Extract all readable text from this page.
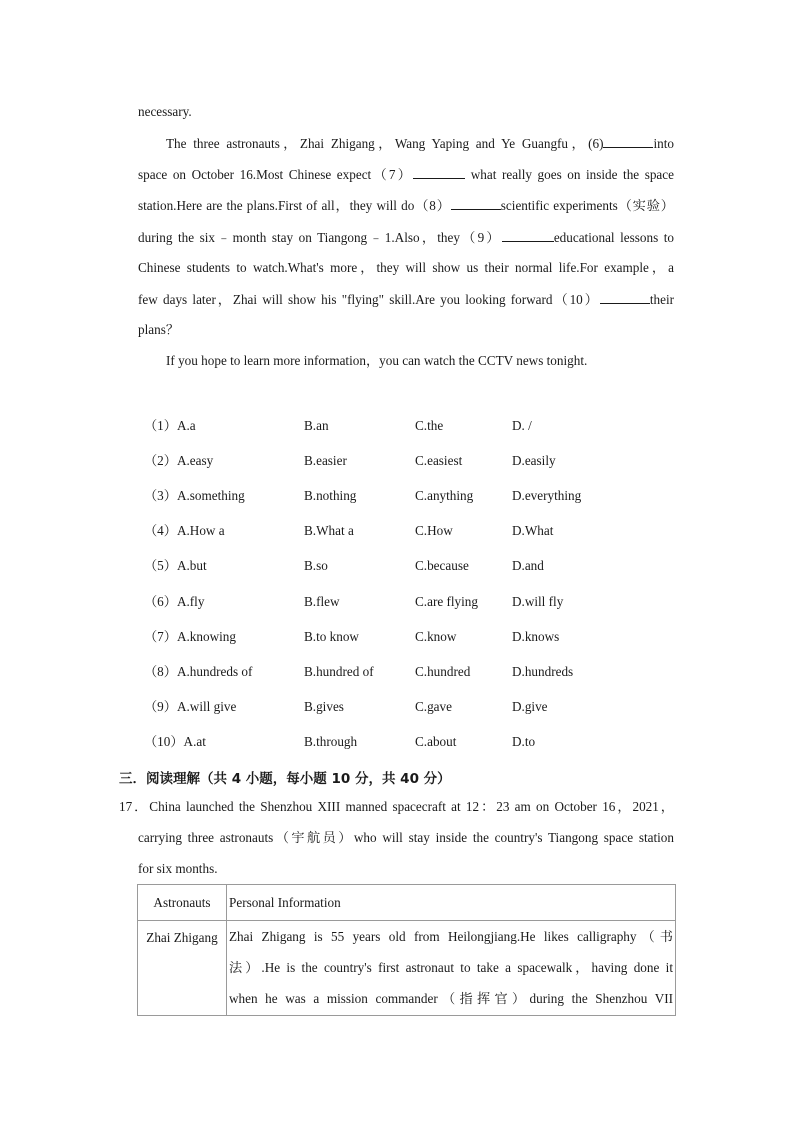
necessary.
The three astronauts，Zhai Zhigang，Wang Yaping and Ye Guangfu，(6)	into
space on October 16.Most Chinese expect（7）	what really goes on inside the space
station.Here are the plans.First of all，they will do（8）	scientific experiments（实验）
during the six﹣month stay on Tiangong﹣1.Also，they（9）	educational lessons to
Chinese students to watch.What's more，they will show us their normal life.For example，a
few days later，Zhai will show his "flying" skill.Are you looking forward（10）	their
plans？
If you hope to learn more information，you can watch the CCTV news tonight.
（1）A.a	B.an	C.the	D. /
（2）A.easy	B.easier	C.easiest	D.easily
（3）A.something	B.nothing	C.anything	D.everything
（4）A.How a	B.What a	C.How	D.What
（5）A.but	B.so	C.because	D.and
（6）A.fly	B.flew	C.are flying	D.will fly
（7）A.knowing	B.to know	C.know	D.knows
（8）A.hundreds of	B.hundred of	C.hundred	D.hundreds
（9）A.will give	B.gives	C.gave	D.give
（10）A.at	B.through	C.about	D.to
三．阅读理解（共 4 小题，每小题 10 分，共 40 分）
17．China launched the Shenzhou XIII manned spacecraft at 12：23 am on October 16，2021，
carrying three astronauts（宇航员）who will stay inside the country's Tiangong space station
for six months.
Astronauts	Personal Information
Zhai Zhigang	Zhai Zhigang is 55 years old from Heilongjiang.He likes calligraphy（书
法）.He is the country's first astronaut to take a spacewalk，having done it
when he was a mission commander（指挥官）during the Shenzhou VII
